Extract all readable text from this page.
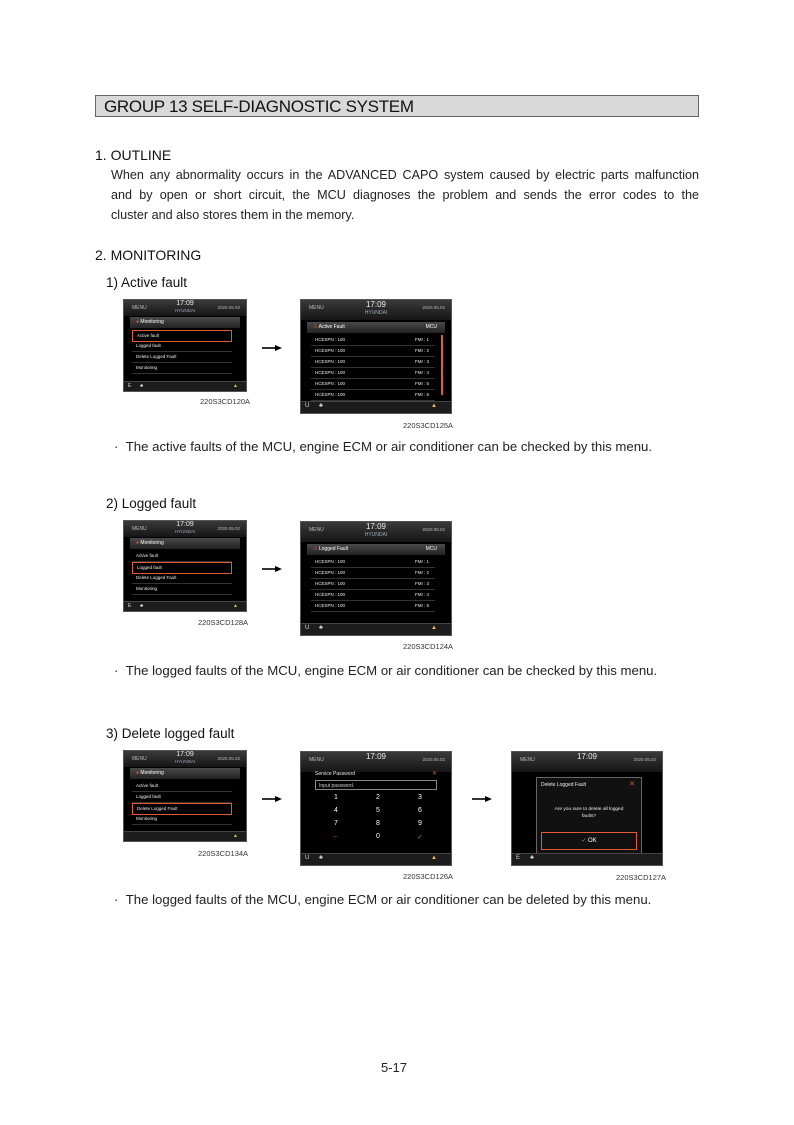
GROUP 13 SELF-DIAGNOSTIC SYSTEM
1. OUTLINE
When any abnormality occurs in the ADVANCED CAPO system caused by electric parts malfunction
and by open or short circuit, the MCU diagnoses the problem and sends the error codes to the
cluster and also stores them in the memory.
2. MONITORING
1) Active fault
MENU
17:09
HYUNDAI
2020.05.02
● Monitoring
Active fault
Logged fault
Delete Logged Fault
Monitoring
E ♣	▲
220S3CD120A
MENU	17:09
HYUNDAI
2020.05.02
⚠ Active Fault	MCU
HCESPN : 100	FMI : 1
HCESPN : 100	FMI : 2
HCESPN : 100	FMI : 3
HCESPN : 100	FMI : 4
HCESPN : 100	FMI : 5
HCESPN : 100	FMI : 6
U ♣	▲
220S3CD125A
· The active faults of the MCU, engine ECM or air conditioner can be checked by this menu.
2) Logged fault
MENU
17:09
HYUNDAI
2020.05.02
● Monitoring
Active fault
Logged fault
Delete Logged Fault
Monitoring
E ♣	▲
220S3CD128A
MENU	17:09
HYUNDAI
2020.05.02
⚠ Logged Fault	MCU
HCESPN : 100	FMI : 1
HCESPN : 100	FMI : 2
HCESPN : 100	FMI : 3
HCESPN : 100	FMI : 4
HCESPN : 100	FMI : 5
U ♣	▲
220S3CD124A
· The logged faults of the MCU, engine ECM or air conditioner can be checked by this menu.
3) Delete logged fault
MENU
17:09
HYUNDAI
2020.05.02
● Monitoring
Active fault
Logged fault
Delete Logged Fault
Monitoring
▲
220S3CD134A
MENU	17:09	2020.05.02
Service Password	✕
Input password.
1	2	3
4	5	6
7	8	9
←	0	✓
U ♣	▲
220S3CD126A
MENU	17:09	2020.05.02
Delete Logged Fault	✕
Are you sure to delete all logged
faults?
✓ OK
E ♣
220S3CD127A
· The logged faults of the MCU, engine ECM or air conditioner can be deleted by this menu.
5-17
